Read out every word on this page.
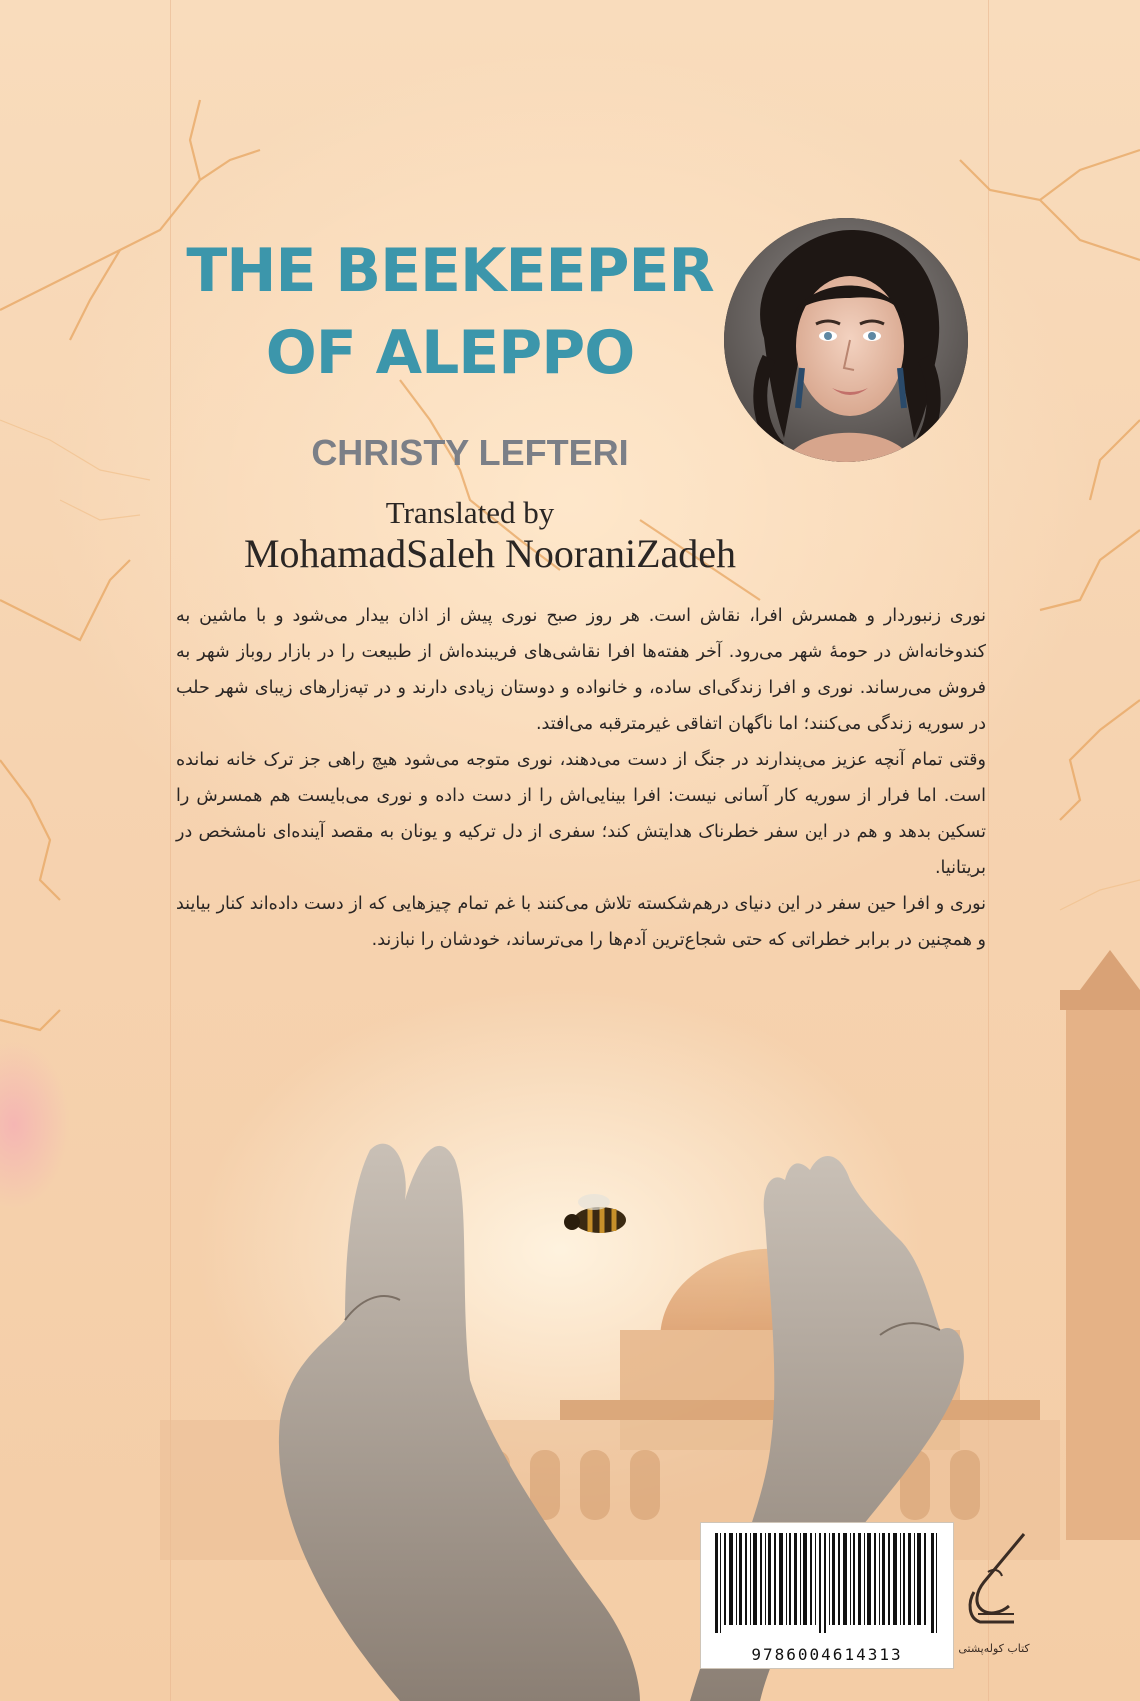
THE BEEKEEPER
OF ALEPPO
CHRISTY LEFTERI
Translated by
MohamadSaleh NooraniZadeh

نوری زنبوردار و همسرش افرا، نقاش است. هر روز صبح نوری پیش از اذان بیدار می‌شود و با ماشین به کندوخانه‌اش در حومهٔ شهر می‌رود. آخر هفته‌ها افرا نقاشی‌های فریبنده‌اش از طبیعت را در بازار روباز شهر به فروش می‌رساند. نوری و افرا زندگی‌ای ساده، و خانواده و دوستان زیادی دارند و در تپه‌زارهای زیبای شهر حلب در سوریه زندگی می‌کنند؛ اما ناگهان اتفاقی غیرمترقبه می‌افتد.

وقتی تمام آنچه عزیز می‌پندارند در جنگ از دست می‌دهند، نوری متوجه می‌شود هیچ راهی جز ترک خانه نمانده است. اما فرار از سوریه کار آسانی نیست: افرا بینایی‌اش را از دست داده و نوری می‌بایست هم همسرش را تسکین بدهد و هم در این سفر خطرناک هدایتش کند؛ سفری از دل ترکیه و یونان به مقصد آینده‌ای نامشخص در بریتانیا.

نوری و افرا حین سفر در این دنیای درهم‌شکسته تلاش می‌کنند با غم تمام چیزهایی که از دست داده‌اند کنار بیایند و همچنین در برابر خطراتی که حتی شجاع‌ترین آدم‌ها را می‌ترساند، خودشان را نبازند.

9786004614313	کتاب کوله‌پشتی
